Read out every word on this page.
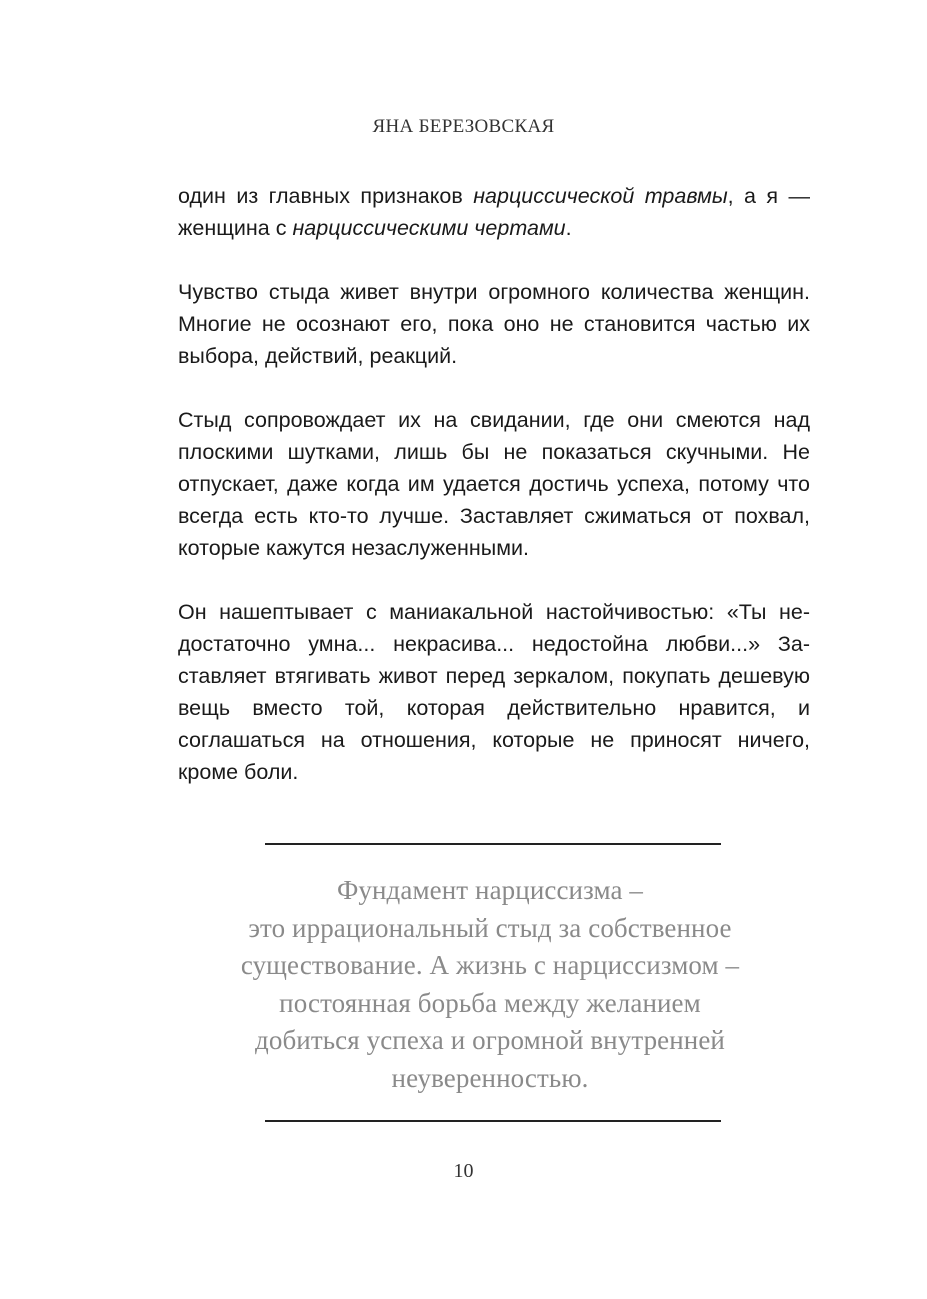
ЯНА БЕРЕЗОВСКАЯ

один из главных признаков нарциссической травмы, а я — женщина с нарциссическими чертами.

Чувство стыда живет внутри огромного количества женщин. Многие не осознают его, пока оно не становится частью их выбора, действий, реакций.

Стыд сопровождает их на свидании, где они смеются над плоскими шутками, лишь бы не показаться скучными. Не отпускает, даже когда им удается достичь успеха, потому что всегда есть кто-то лучше. Заставляет сжиматься от похвал, которые кажутся незаслуженными.

Он нашептывает с маниакальной настойчивостью: «Ты недостаточно умна... некрасива... недостойна любви...» Заставляет втягивать живот перед зеркалом, покупать дешевую вещь вместо той, которая действительно нравится, и соглашаться на отношения, которые не приносят ничего, кроме боли.

Фундамент нарциссизма –
это иррациональный стыд за собственное
существование. А жизнь с нарциссизмом –
постоянная борьба между желанием
добиться успеха и огромной внутренней
неуверенностью.
10
